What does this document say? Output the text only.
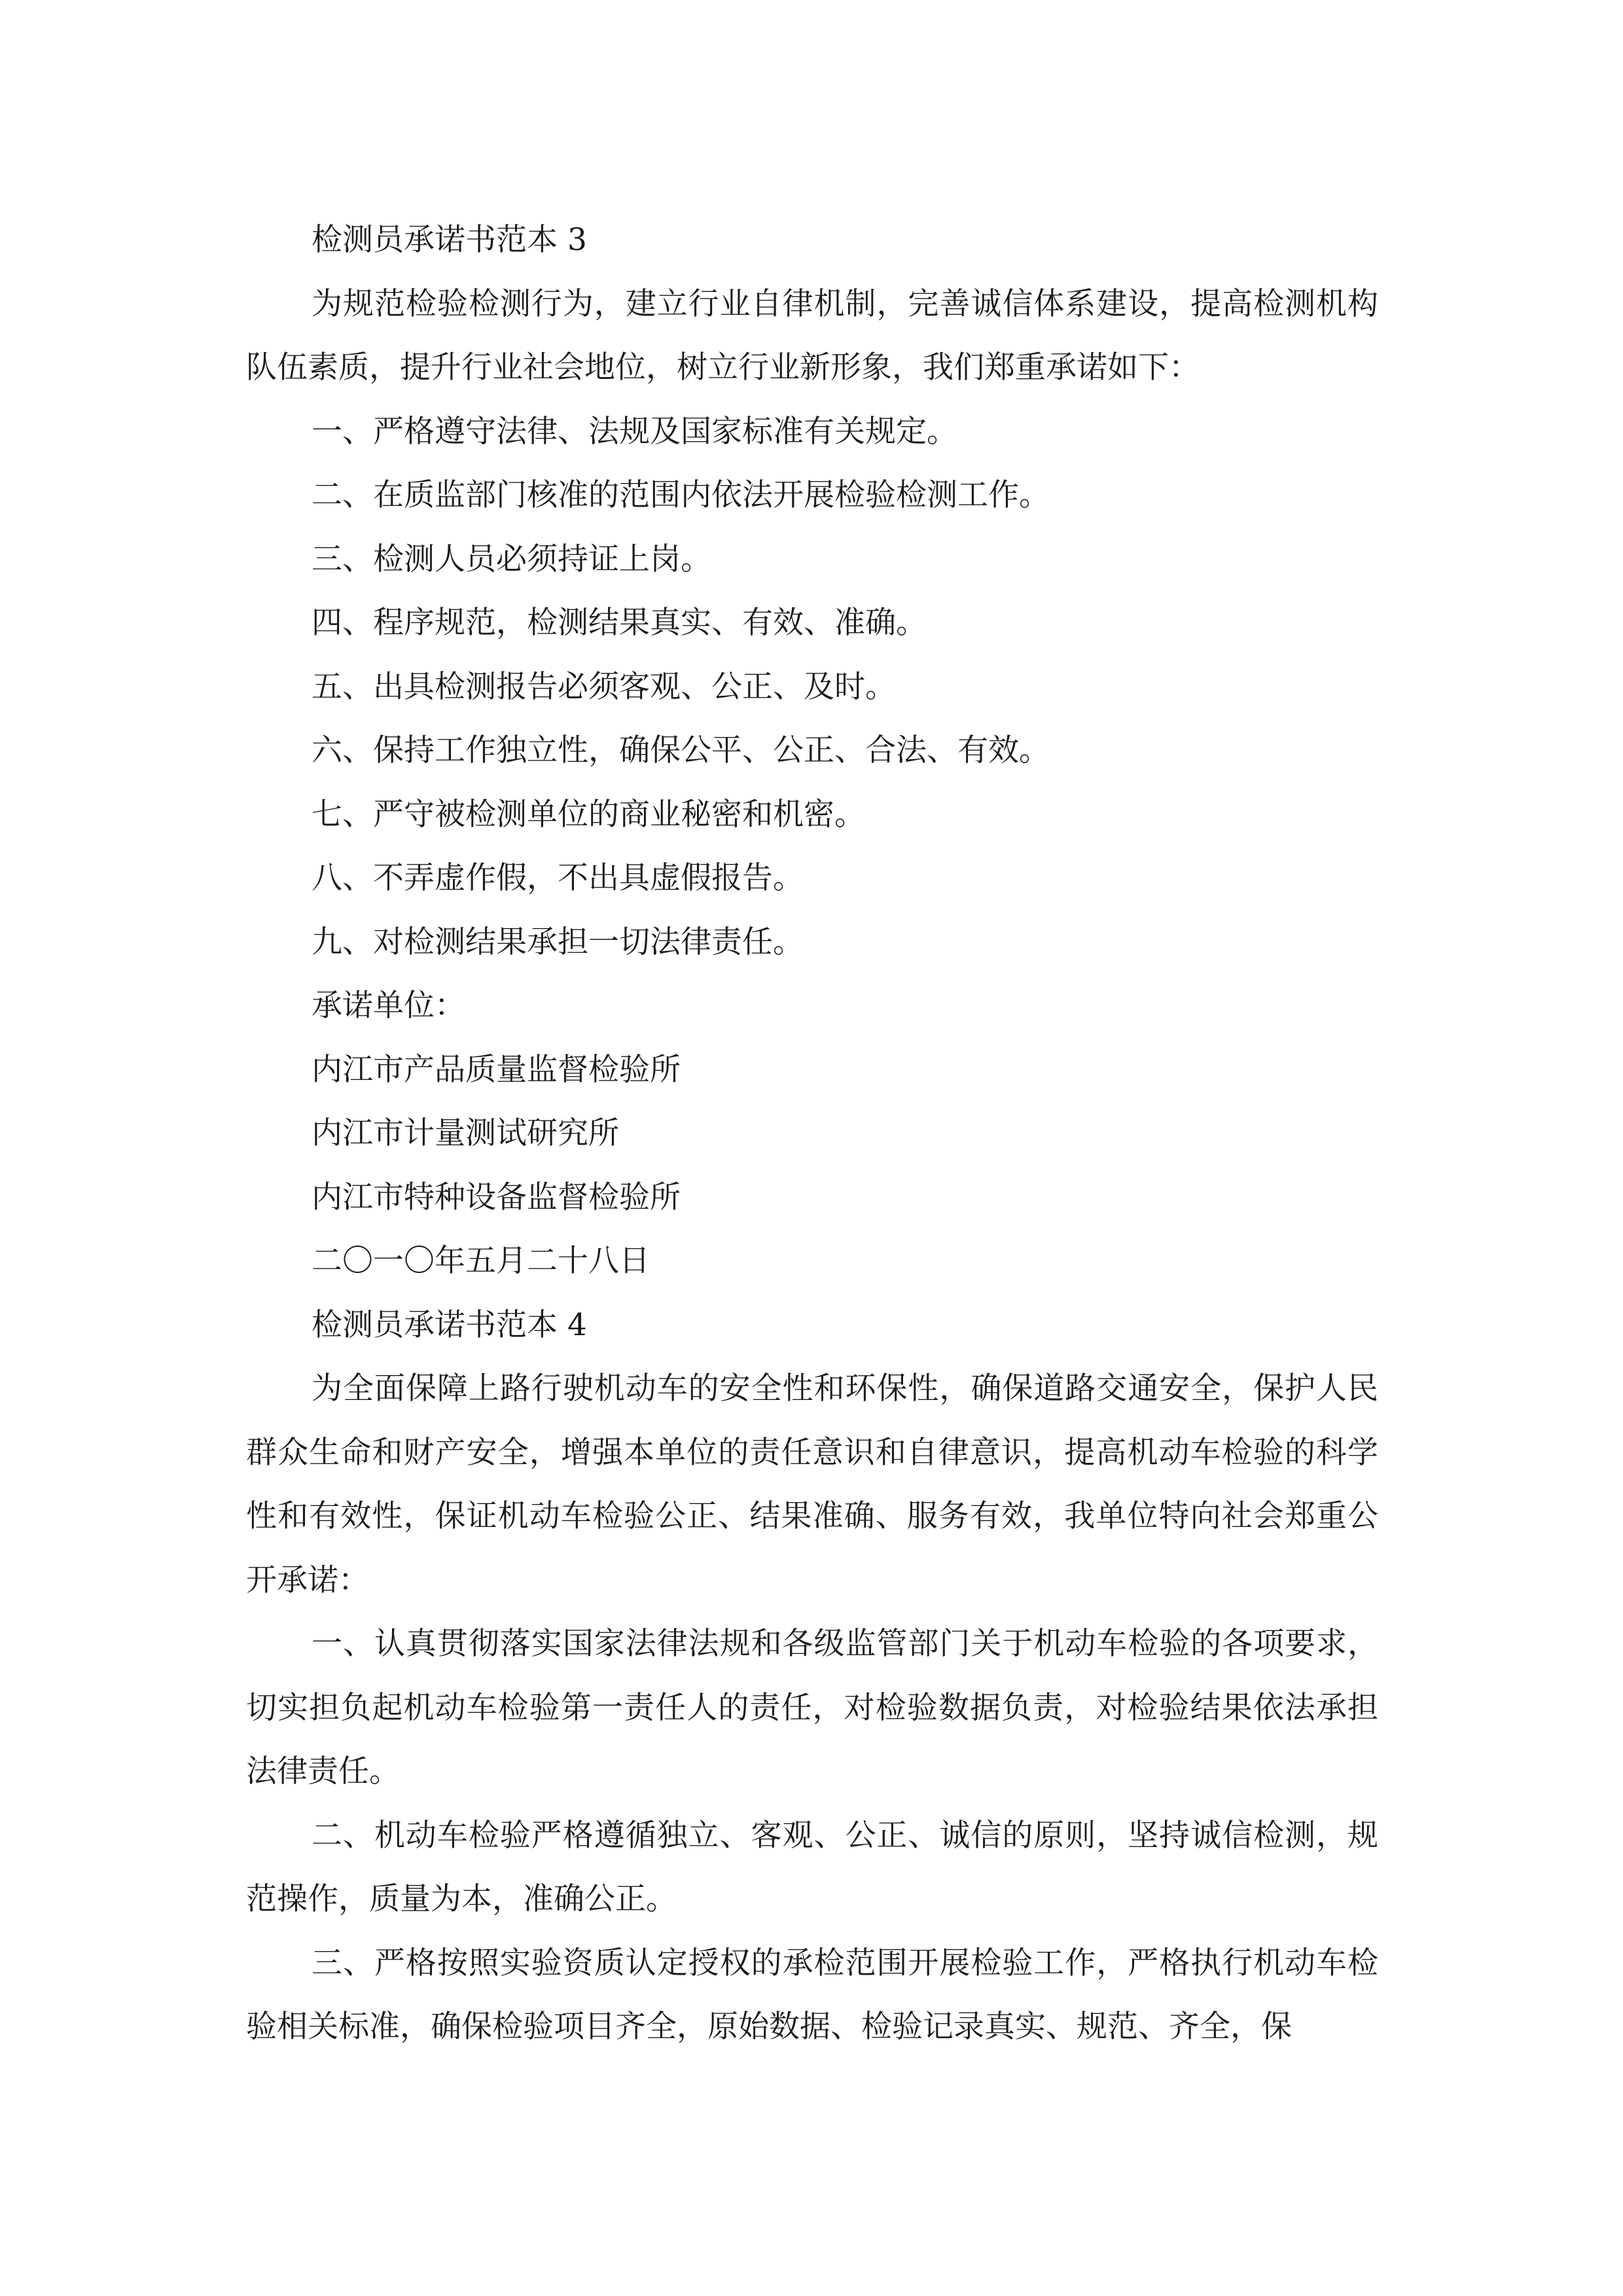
检测员承诺书范本 3

为规范检验检测行为，建立行业自律机制，完善诚信体系建设，提高检测机构队伍素质，提升行业社会地位，树立行业新形象，我们郑重承诺如下：

一、严格遵守法律、法规及国家标准有关规定。
二、在质监部门核准的范围内依法开展检验检测工作。
三、检测人员必须持证上岗。
四、程序规范，检测结果真实、有效、准确。
五、出具检测报告必须客观、公正、及时。
六、保持工作独立性，确保公平、公正、合法、有效。
七、严守被检测单位的商业秘密和机密。
八、不弄虚作假，不出具虚假报告。
九、对检测结果承担一切法律责任。
承诺单位：
内江市产品质量监督检验所
内江市计量测试研究所
内江市特种设备监督检验所
二〇一〇年五月二十八日
检测员承诺书范本 4

为全面保障上路行驶机动车的安全性和环保性，确保道路交通安全，保护人民群众生命和财产安全，增强本单位的责任意识和自律意识，提高机动车检验的科学性和有效性，保证机动车检验公正、结果准确、服务有效，我单位特向社会郑重公开承诺：

一、认真贯彻落实国家法律法规和各级监管部门关于机动车检验的各项要求，切实担负起机动车检验第一责任人的责任，对检验数据负责，对检验结果依法承担法律责任。

二、机动车检验严格遵循独立、客观、公正、诚信的原则，坚持诚信检测，规范操作，质量为本，准确公正。

三、严格按照实验资质认定授权的承检范围开展检验工作，严格执行机动车检验相关标准，确保检验项目齐全，原始数据、检验记录真实、规范、齐全，保
